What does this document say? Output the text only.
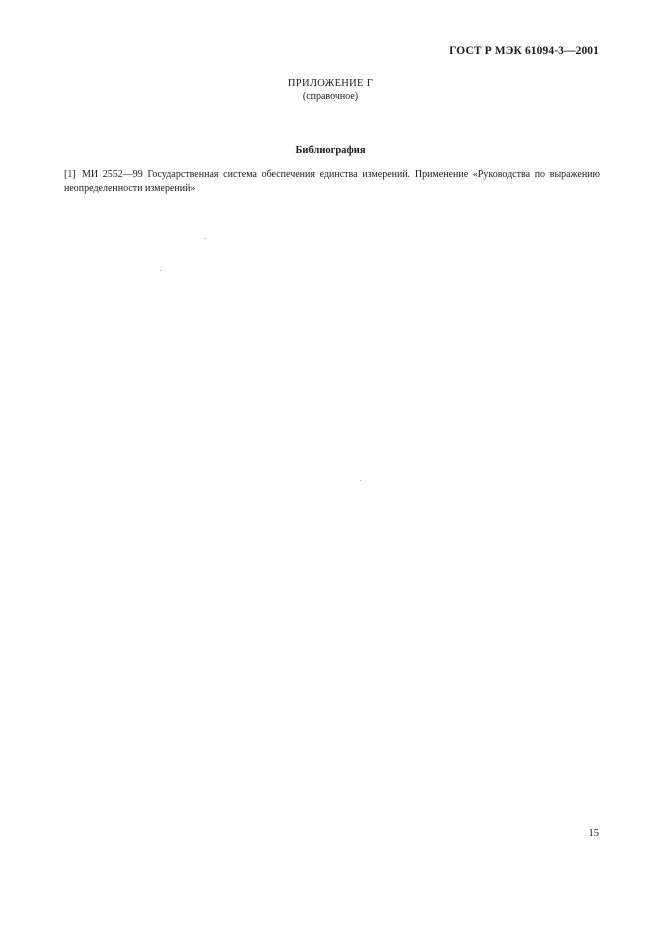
ГОСТ Р МЭК 61094-3—2001
ПРИЛОЖЕНИЕ Г
(справочное)
Библиография
[1] МИ 2552—99 Государственная система обеспечения единства измерений. Применение «Руководства по выражению неопределенности измерений»
15
